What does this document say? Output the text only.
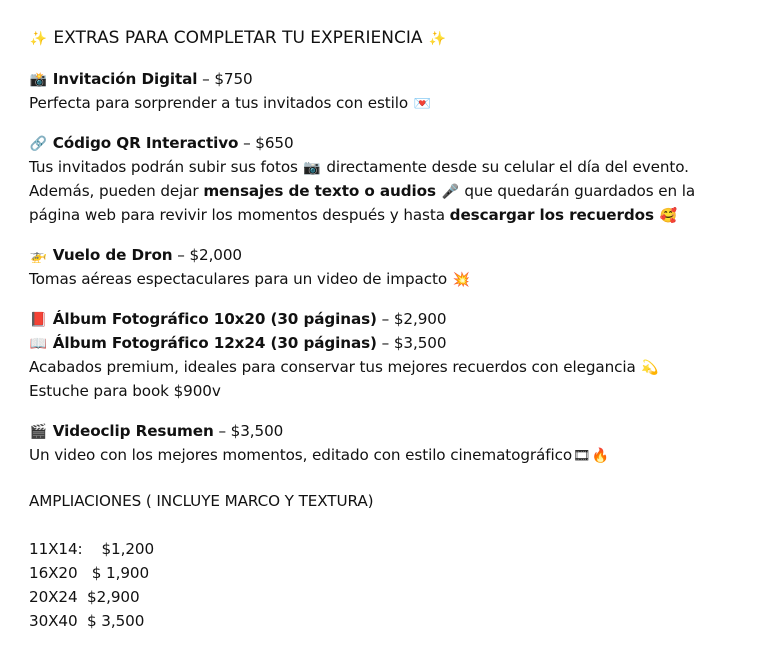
✨ EXTRAS PARA COMPLETAR TU EXPERIENCIA ✨
📸 Invitación Digital – $750
Perfecta para sorprender a tus invitados con estilo 💌
🔗 Código QR Interactivo – $650
Tus invitados podrán subir sus fotos 📷 directamente desde su celular el día del evento.
Además, pueden dejar mensajes de texto o audios 🎤 que quedarán guardados en la
página web para revivir los momentos después y hasta descargar los recuerdos 🥰
🚁 Vuelo de Dron – $2,000
Tomas aéreas espectaculares para un video de impacto 💥
📕 Álbum Fotográfico 10x20 (30 páginas) – $2,900
📖 Álbum Fotográfico 12x24 (30 páginas) – $3,500
Acabados premium, ideales para conservar tus mejores recuerdos con elegancia 💫
Estuche para book $900v
🎬 Videoclip Resumen – $3,500
Un video con los mejores momentos, editado con estilo cinematográfico🎞🔥
AMPLIACIONES ( INCLUYE MARCO Y TEXTURA)
11X14:    $1,200
16X20   $ 1,900
20X24  $2,900
30X40  $ 3,500
